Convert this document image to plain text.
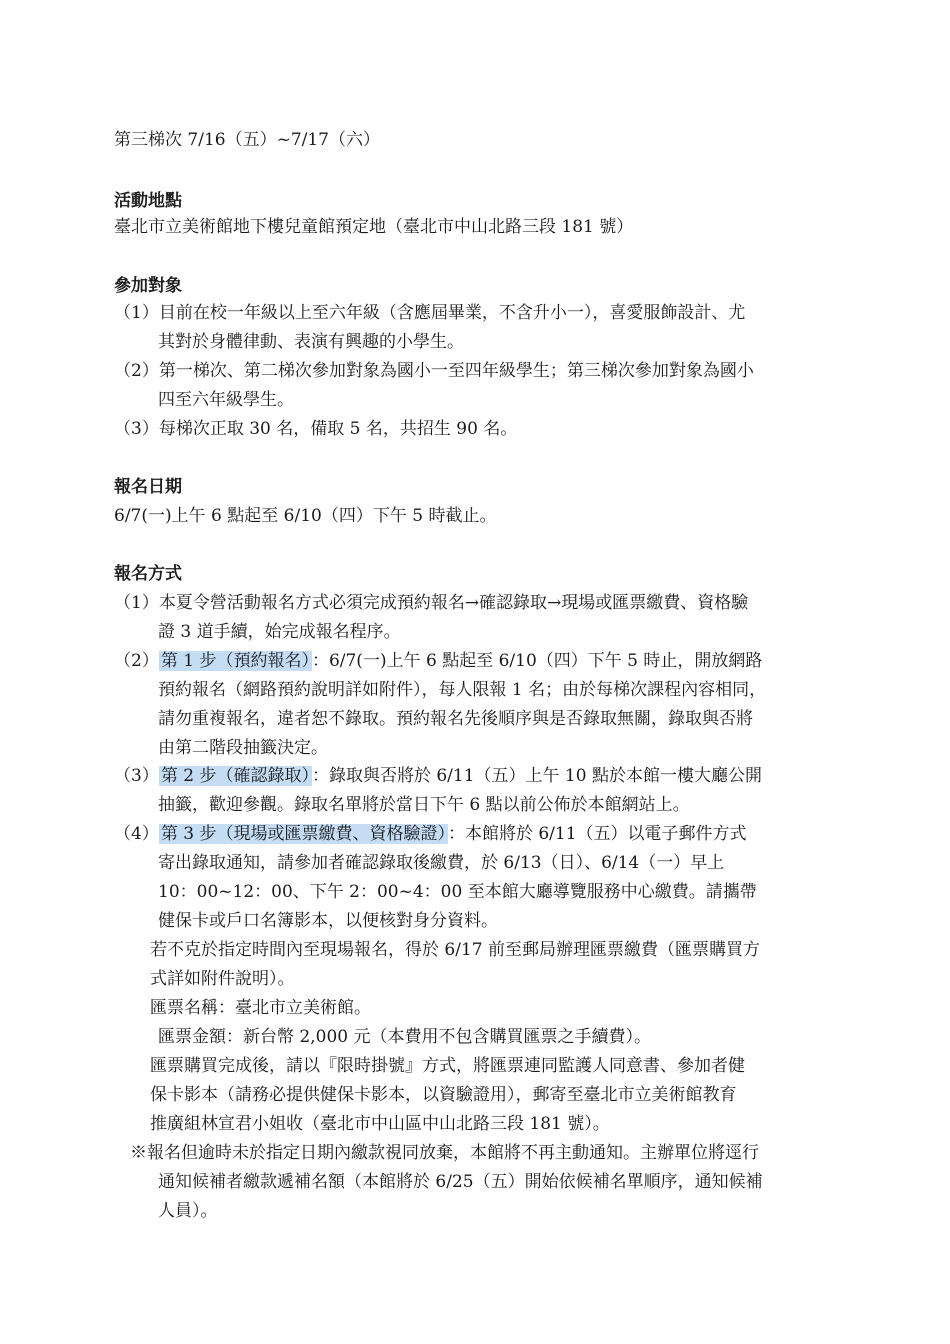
第三梯次 7/16（五）~7/17（六）
活動地點
臺北市立美術館地下樓兒童館預定地（臺北市中山北路三段 181 號）
參加對象
（1）目前在校一年級以上至六年級（含應屆畢業，不含升小一），喜愛服飾設計、尤
其對於身體律動、表演有興趣的小學生。
（2）第一梯次、第二梯次參加對象為國小一至四年級學生；第三梯次參加對象為國小
四至六年級學生。
（3）每梯次正取 30 名，備取 5 名，共招生 90 名。
報名日期
6/7(一)上午 6 點起至 6/10（四）下午 5 時截止。
報名方式
（1）本夏令營活動報名方式必須完成預約報名→確認錄取→現場或匯票繳費、資格驗
證 3 道手續，始完成報名程序。
（2） 第 1 步（預約報名） ：6/7(一)上午 6 點起至 6/10（四）下午 5 時止，開放網路
預約報名（網路預約說明詳如附件），每人限報 1 名；由於每梯次課程內容相同，
請勿重複報名，違者恕不錄取。預約報名先後順序與是否錄取無關，錄取與否將
由第二階段抽籤決定。
（3） 第 2 步（確認錄取） ：錄取與否將於 6/11（五）上午 10 點於本館一樓大廳公開
抽籤，歡迎參觀。錄取名單將於當日下午 6 點以前公佈於本館網站上。
（4） 第 3 步（現場或匯票繳費、資格驗證） ：本館將於 6/11（五）以電子郵件方式
寄出錄取通知，請參加者確認錄取後繳費，於 6/13（日）、6/14（一）早上
10：00~12：00、下午 2：00~4：00 至本館大廳導覽服務中心繳費。請攜帶
健保卡或戶口名簿影本，以便核對身分資料。
若不克於指定時間內至現場報名，得於 6/17 前至郵局辦理匯票繳費（匯票購買方
式詳如附件說明）。
匯票名稱：臺北市立美術館。
匯票金額：新台幣 2,000 元（本費用不包含購買匯票之手續費）。
匯票購買完成後，請以『限時掛號』方式，將匯票連同監護人同意書、參加者健
保卡影本（請務必提供健保卡影本，以資驗證用），郵寄至臺北市立美術館教育
推廣組林宣君小姐收（臺北市中山區中山北路三段 181 號）。
※報名但逾時未於指定日期內繳款視同放棄，本館將不再主動通知。主辦單位將逕行
通知候補者繳款遞補名額（本館將於 6/25（五）開始依候補名單順序，通知候補
人員）。
